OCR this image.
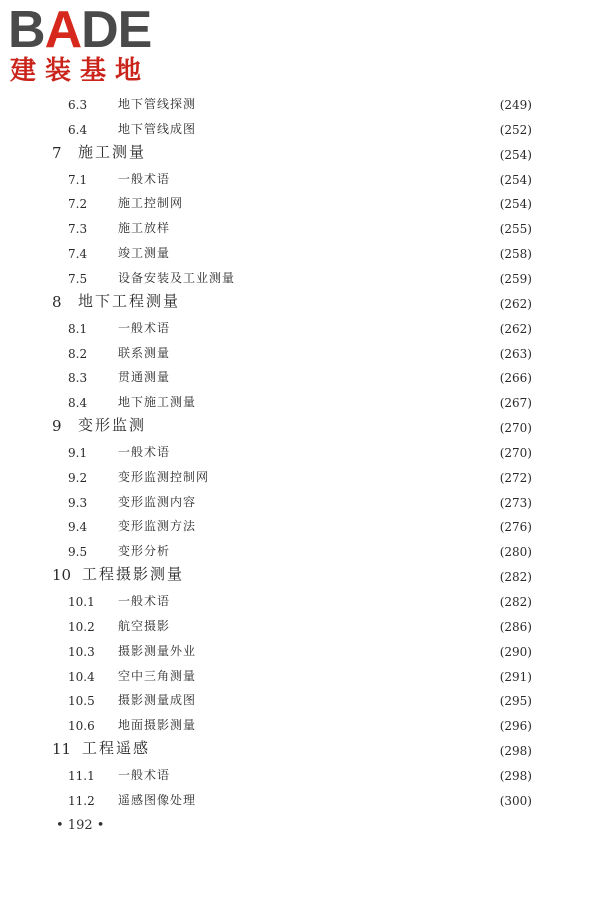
BADE
建装基地
6.3	地下管线探测	(249)
6.4	地下管线成图	(252)
7	施工测量	(254)
7.1	一般术语	(254)
7.2	施工控制网	(254)
7.3	施工放样	(255)
7.4	竣工测量	(258)
7.5	设备安装及工业测量	(259)
8	地下工程测量	(262)
8.1	一般术语	(262)
8.2	联系测量	(263)
8.3	贯通测量	(266)
8.4	地下施工测量	(267)
9	变形监测	(270)
9.1	一般术语	(270)
9.2	变形监测控制网	(272)
9.3	变形监测内容	(273)
9.4	变形监测方法	(276)
9.5	变形分析	(280)
10 工程摄影测量	(282)
10.1	一般术语	(282)
10.2	航空摄影	(286)
10.3	摄影测量外业	(290)
10.4	空中三角测量	(291)
10.5	摄影测量成图	(295)
10.6	地面摄影测量	(296)
11 工程遥感	(298)
11.1	一般术语	(298)
11.2	遥感图像处理	(300)
• 192 •
